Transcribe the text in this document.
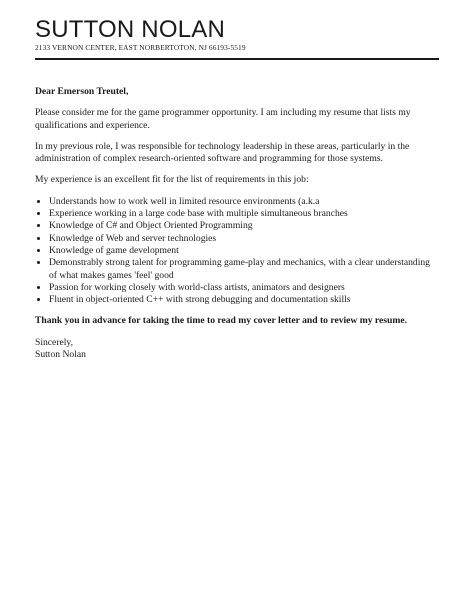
SUTTON NOLAN
2133 VERNON CENTER, EAST NORBERTOTON, NJ 66193-5519

Dear Emerson Treutel,

Please consider me for the game programmer opportunity. I am including my resume that lists my qualifications and experience.

In my previous role, I was responsible for technology leadership in these areas, particularly in the administration of complex research-oriented software and programming for those systems.

My experience is an excellent fit for the list of requirements in this job:

• Understands how to work well in limited resource environments (a.k.a
• Experience working in a large code base with multiple simultaneous branches
• Knowledge of C# and Object Oriented Programming
• Knowledge of Web and server technologies
• Knowledge of game development
• Demonstrably strong talent for programming game-play and mechanics, with a clear understanding of what makes games 'feel' good
• Passion for working closely with world-class artists, animators and designers
• Fluent in object-oriented C++ with strong debugging and documentation skills

Thank you in advance for taking the time to read my cover letter and to review my resume.

Sincerely,

Sutton Nolan
